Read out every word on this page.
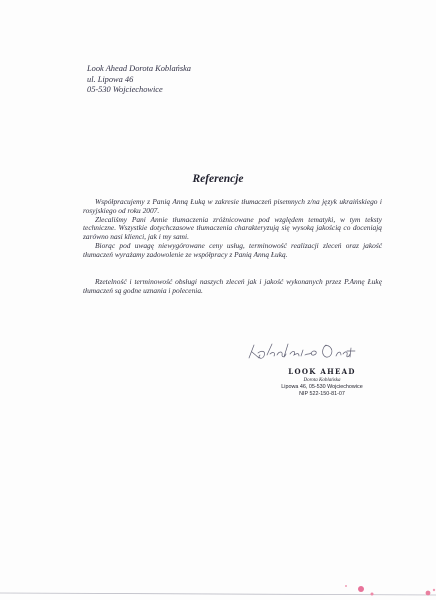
Look Ahead Dorota Koblańska
ul. Lipowa 46
05-530 Wojciechowice
Referencje

Współpracujemy z Panią Anną Łuką w zakresie tłumaczeń pisemnych z/na język ukraińskiego i rosyjskiego od roku 2007.

Zlecaliśmy Pani Annie tłumaczenia zróżnicowane pod względem tematyki, w tym teksty techniczne. Wszystkie dotychczasowe tłumaczenia charakteryzują się wysoką jakością co doceniają zarówno nasi klienci, jak i my sami.

Biorąc pod uwagę niewygórowane ceny usług, terminowość realizacji zleceń oraz jakość tłumaczeń wyrażamy zadowolenie ze współpracy z Panią Anną Łuką.

Rzetelność i terminowość obsługi naszych zleceń jak i jakość wykonanych przez P.Annę Łukę tłumaczeń są godne uznania i polecenia.

LOOK AHEAD
Dorota Koblańska
Lipowa 46, 05-530 Wojciechowice
NIP 522-150-81-07
